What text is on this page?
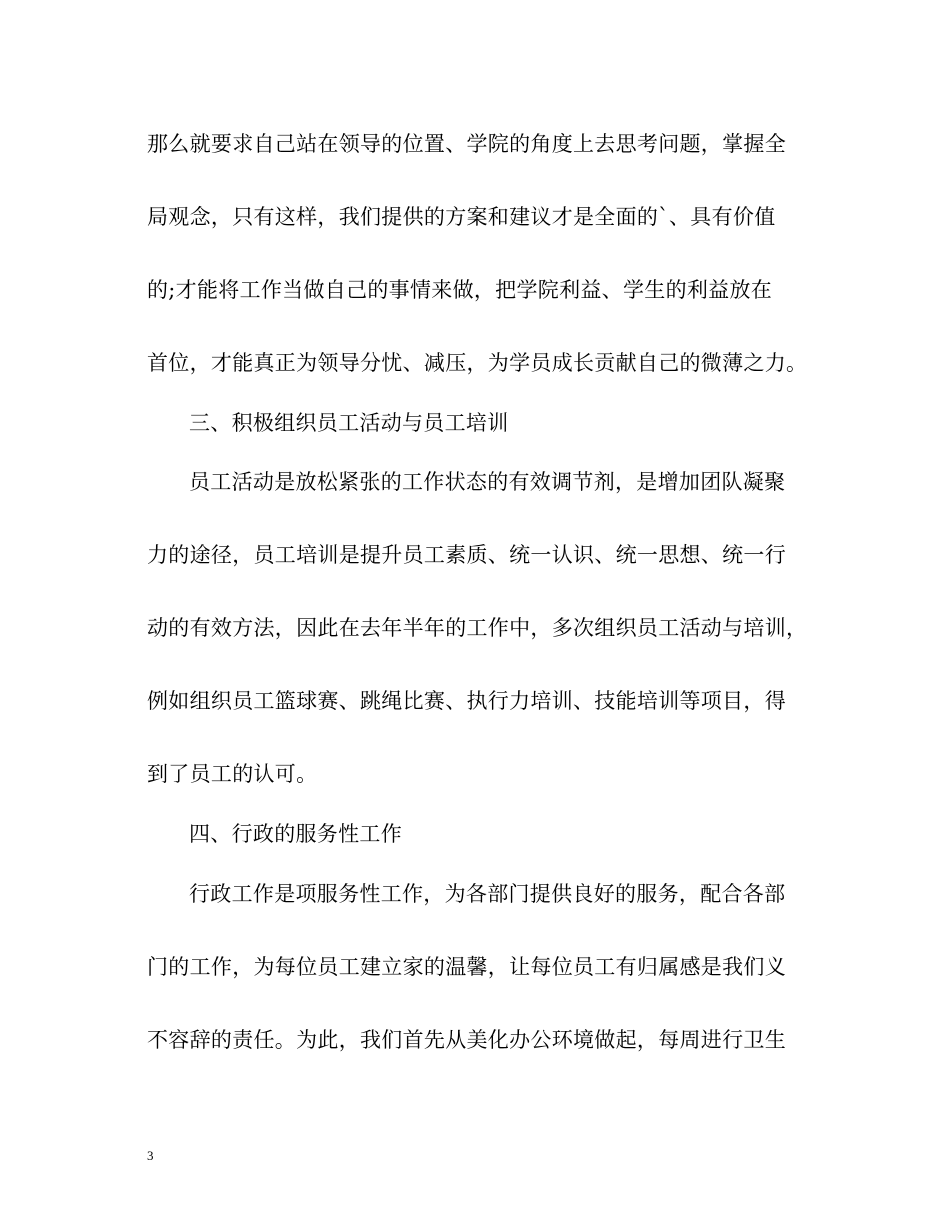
那么就要求自己站在领导的位置、学院的角度上去思考问题，掌握全
局观念，只有这样，我们提供的方案和建议才是全面的`、具有价值
的;才能将工作当做自己的事情来做，把学院利益、学生的利益放在
首位，才能真正为领导分忧、减压，为学员成长贡献自己的微薄之力。
三、积极组织员工活动与员工培训
员工活动是放松紧张的工作状态的有效调节剂，是增加团队凝聚
力的途径，员工培训是提升员工素质、统一认识、统一思想、统一行
动的有效方法，因此在去年半年的工作中，多次组织员工活动与培训，
例如组织员工篮球赛、跳绳比赛、执行力培训、技能培训等项目，得
到了员工的认可。
四、行政的服务性工作
行政工作是项服务性工作，为各部门提供良好的服务，配合各部
门的工作，为每位员工建立家的温馨，让每位员工有归属感是我们义
不容辞的责任。为此，我们首先从美化办公环境做起，每周进行卫生
3
